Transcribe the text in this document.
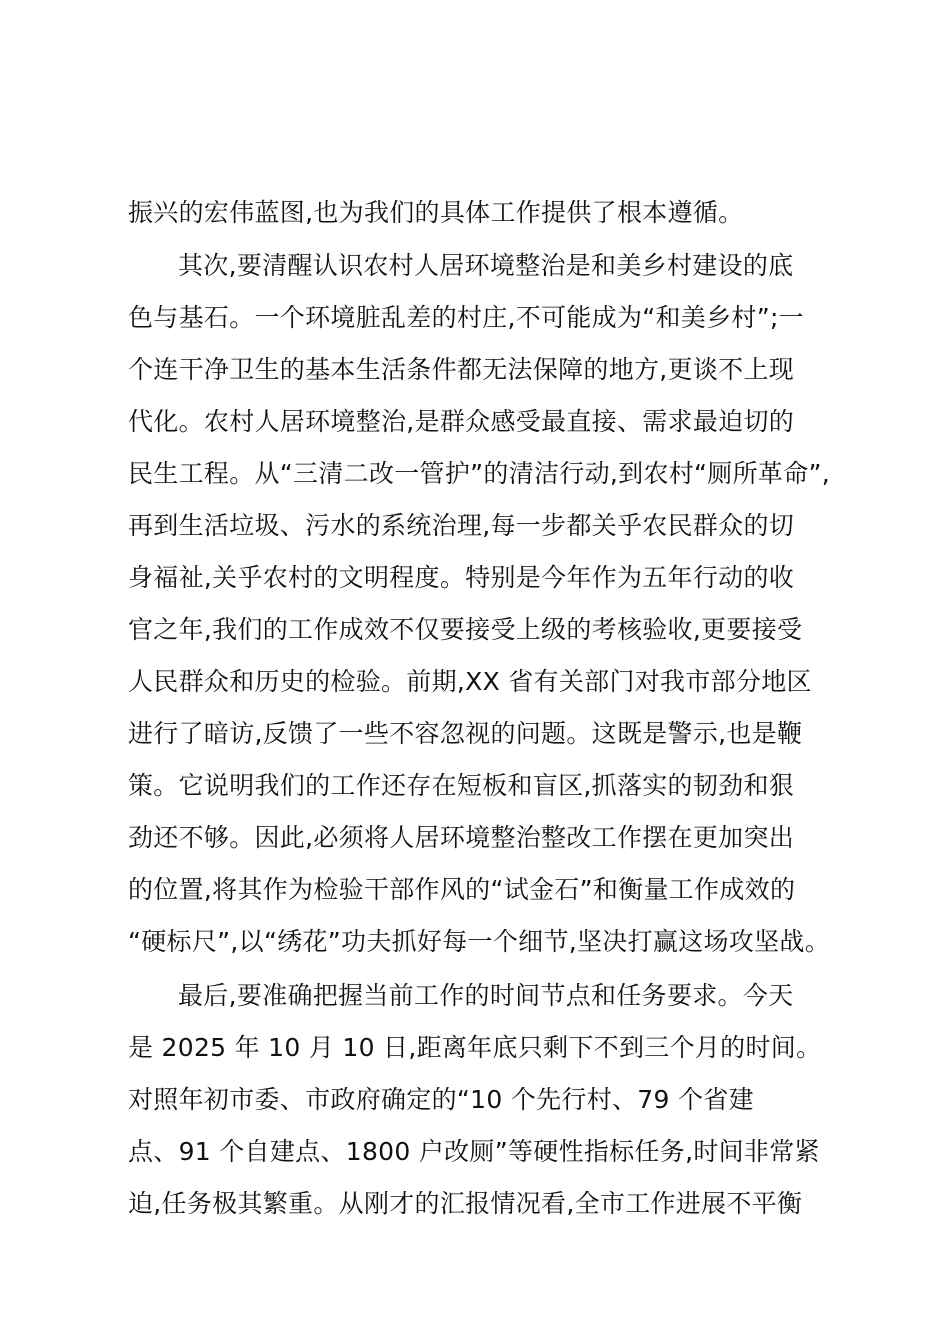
振兴的宏伟蓝图,也为我们的具体工作提供了根本遵循。
其次,要清醒认识农村人居环境整治是和美乡村建设的底
色与基石。一个环境脏乱差的村庄,不可能成为“和美乡村”;一
个连干净卫生的基本生活条件都无法保障的地方,更谈不上现
代化。农村人居环境整治,是群众感受最直接、需求最迫切的
民生工程。从“三清二改一管护”的清洁行动,到农村“厕所革命”,
再到生活垃圾、污水的系统治理,每一步都关乎农民群众的切
身福祉,关乎农村的文明程度。特别是今年作为五年行动的收
官之年,我们的工作成效不仅要接受上级的考核验收,更要接受
人民群众和历史的检验。前期,XX 省有关部门对我市部分地区
进行了暗访,反馈了一些不容忽视的问题。这既是警示,也是鞭
策。它说明我们的工作还存在短板和盲区,抓落实的韧劲和狠
劲还不够。因此,必须将人居环境整治整改工作摆在更加突出
的位置,将其作为检验干部作风的“试金石”和衡量工作成效的
“硬标尺”,以“绣花”功夫抓好每一个细节,坚决打赢这场攻坚战。
最后,要准确把握当前工作的时间节点和任务要求。今天
是 2025 年 10 月 10 日,距离年底只剩下不到三个月的时间。
对照年初市委、市政府确定的“10 个先行村、79 个省建
点、91 个自建点、1800 户改厕”等硬性指标任务,时间非常紧
迫,任务极其繁重。从刚才的汇报情况看,全市工作进展不平衡
